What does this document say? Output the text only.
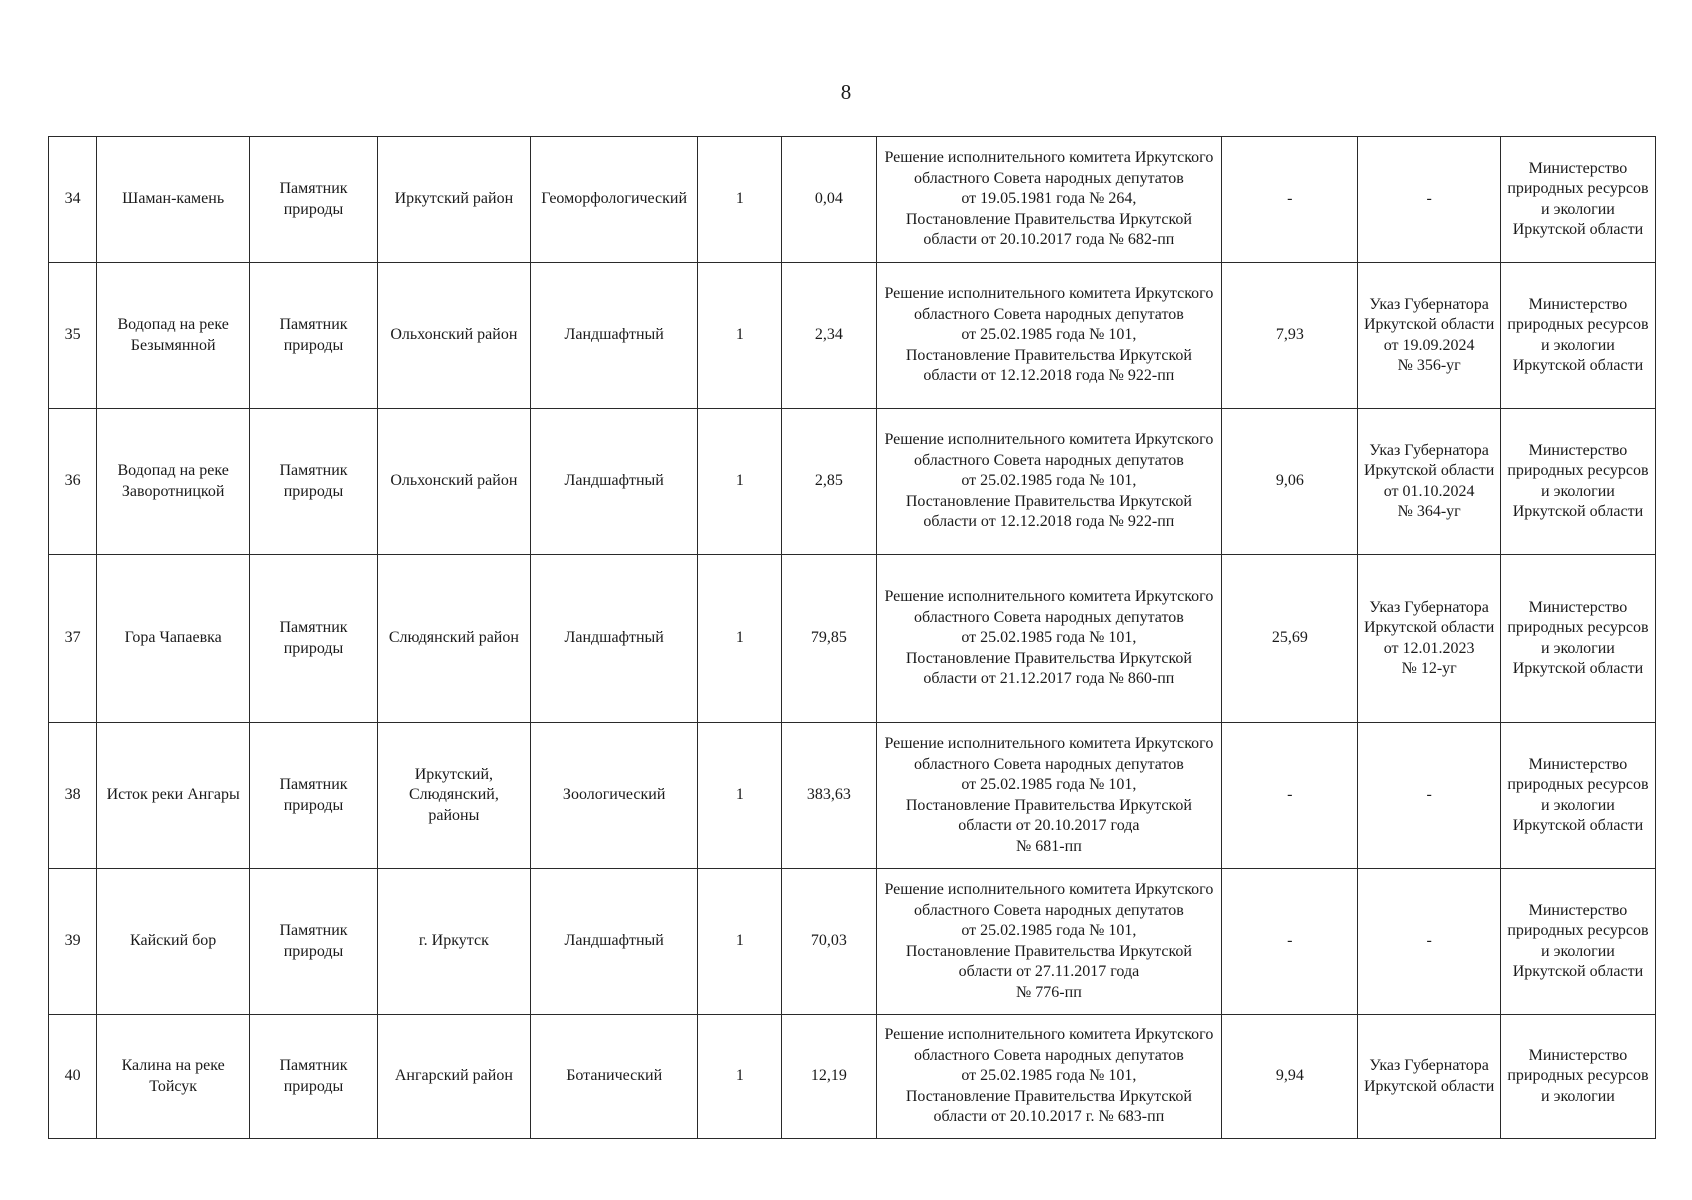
8
34	Шаман-камень	Памятник природы	Иркутский район	Геоморфологический	1	0,04	Решение исполнительного комитета Иркутского областного Совета народных депутатов
от 19.05.1981 года № 264,
Постановление Правительства Иркутской области от 20.10.2017 года № 682-пп	-	-	Министерство природных ресурсов и экологии Иркутской области
35	Водопад на реке Безымянной	Памятник природы	Ольхонский район	Ландшафтный	1	2,34	Решение исполнительного комитета Иркутского областного Совета народных депутатов
от 25.02.1985 года № 101,
Постановление Правительства Иркутской области от 12.12.2018 года № 922-пп	7,93	Указ Губернатора Иркутской области
от 19.09.2024
№ 356-уг	Министерство природных ресурсов и экологии Иркутской области
36	Водопад на реке Заворотницкой	Памятник природы	Ольхонский район	Ландшафтный	1	2,85	Решение исполнительного комитета Иркутского областного Совета народных депутатов
от 25.02.1985 года № 101,
Постановление Правительства Иркутской области от 12.12.2018 года № 922-пп	9,06	Указ Губернатора Иркутской области
от 01.10.2024
№ 364-уг	Министерство природных ресурсов и экологии Иркутской области
37	Гора Чапаевка	Памятник природы	Слюдянский район	Ландшафтный	1	79,85	Решение исполнительного комитета Иркутского областного Совета народных депутатов
от 25.02.1985 года № 101,
Постановление Правительства Иркутской области от 21.12.2017 года № 860-пп	25,69	Указ Губернатора Иркутской области
от 12.01.2023
№ 12-уг	Министерство природных ресурсов и экологии Иркутской области
38	Исток реки Ангары	Памятник природы	Иркутский, Слюдянский, районы	Зоологический	1	383,63	Решение исполнительного комитета Иркутского областного Совета народных депутатов
от 25.02.1985 года № 101,
Постановление Правительства Иркутской области от 20.10.2017 года
№ 681-пп	-	-	Министерство природных ресурсов и экологии Иркутской области
39	Кайский бор	Памятник природы	г. Иркутск	Ландшафтный	1	70,03	Решение исполнительного комитета Иркутского областного Совета народных депутатов
от 25.02.1985 года № 101,
Постановление Правительства Иркутской области от 27.11.2017 года
№ 776-пп	-	-	Министерство природных ресурсов и экологии Иркутской области
40	Калина на реке Тойсук	Памятник природы	Ангарский район	Ботанический	1	12,19	Решение исполнительного комитета Иркутского областного Совета народных депутатов
от 25.02.1985 года № 101,
Постановление Правительства Иркутской области от 20.10.2017 г. № 683-пп	9,94	Указ Губернатора Иркутской области	Министерство природных ресурсов и экологии
